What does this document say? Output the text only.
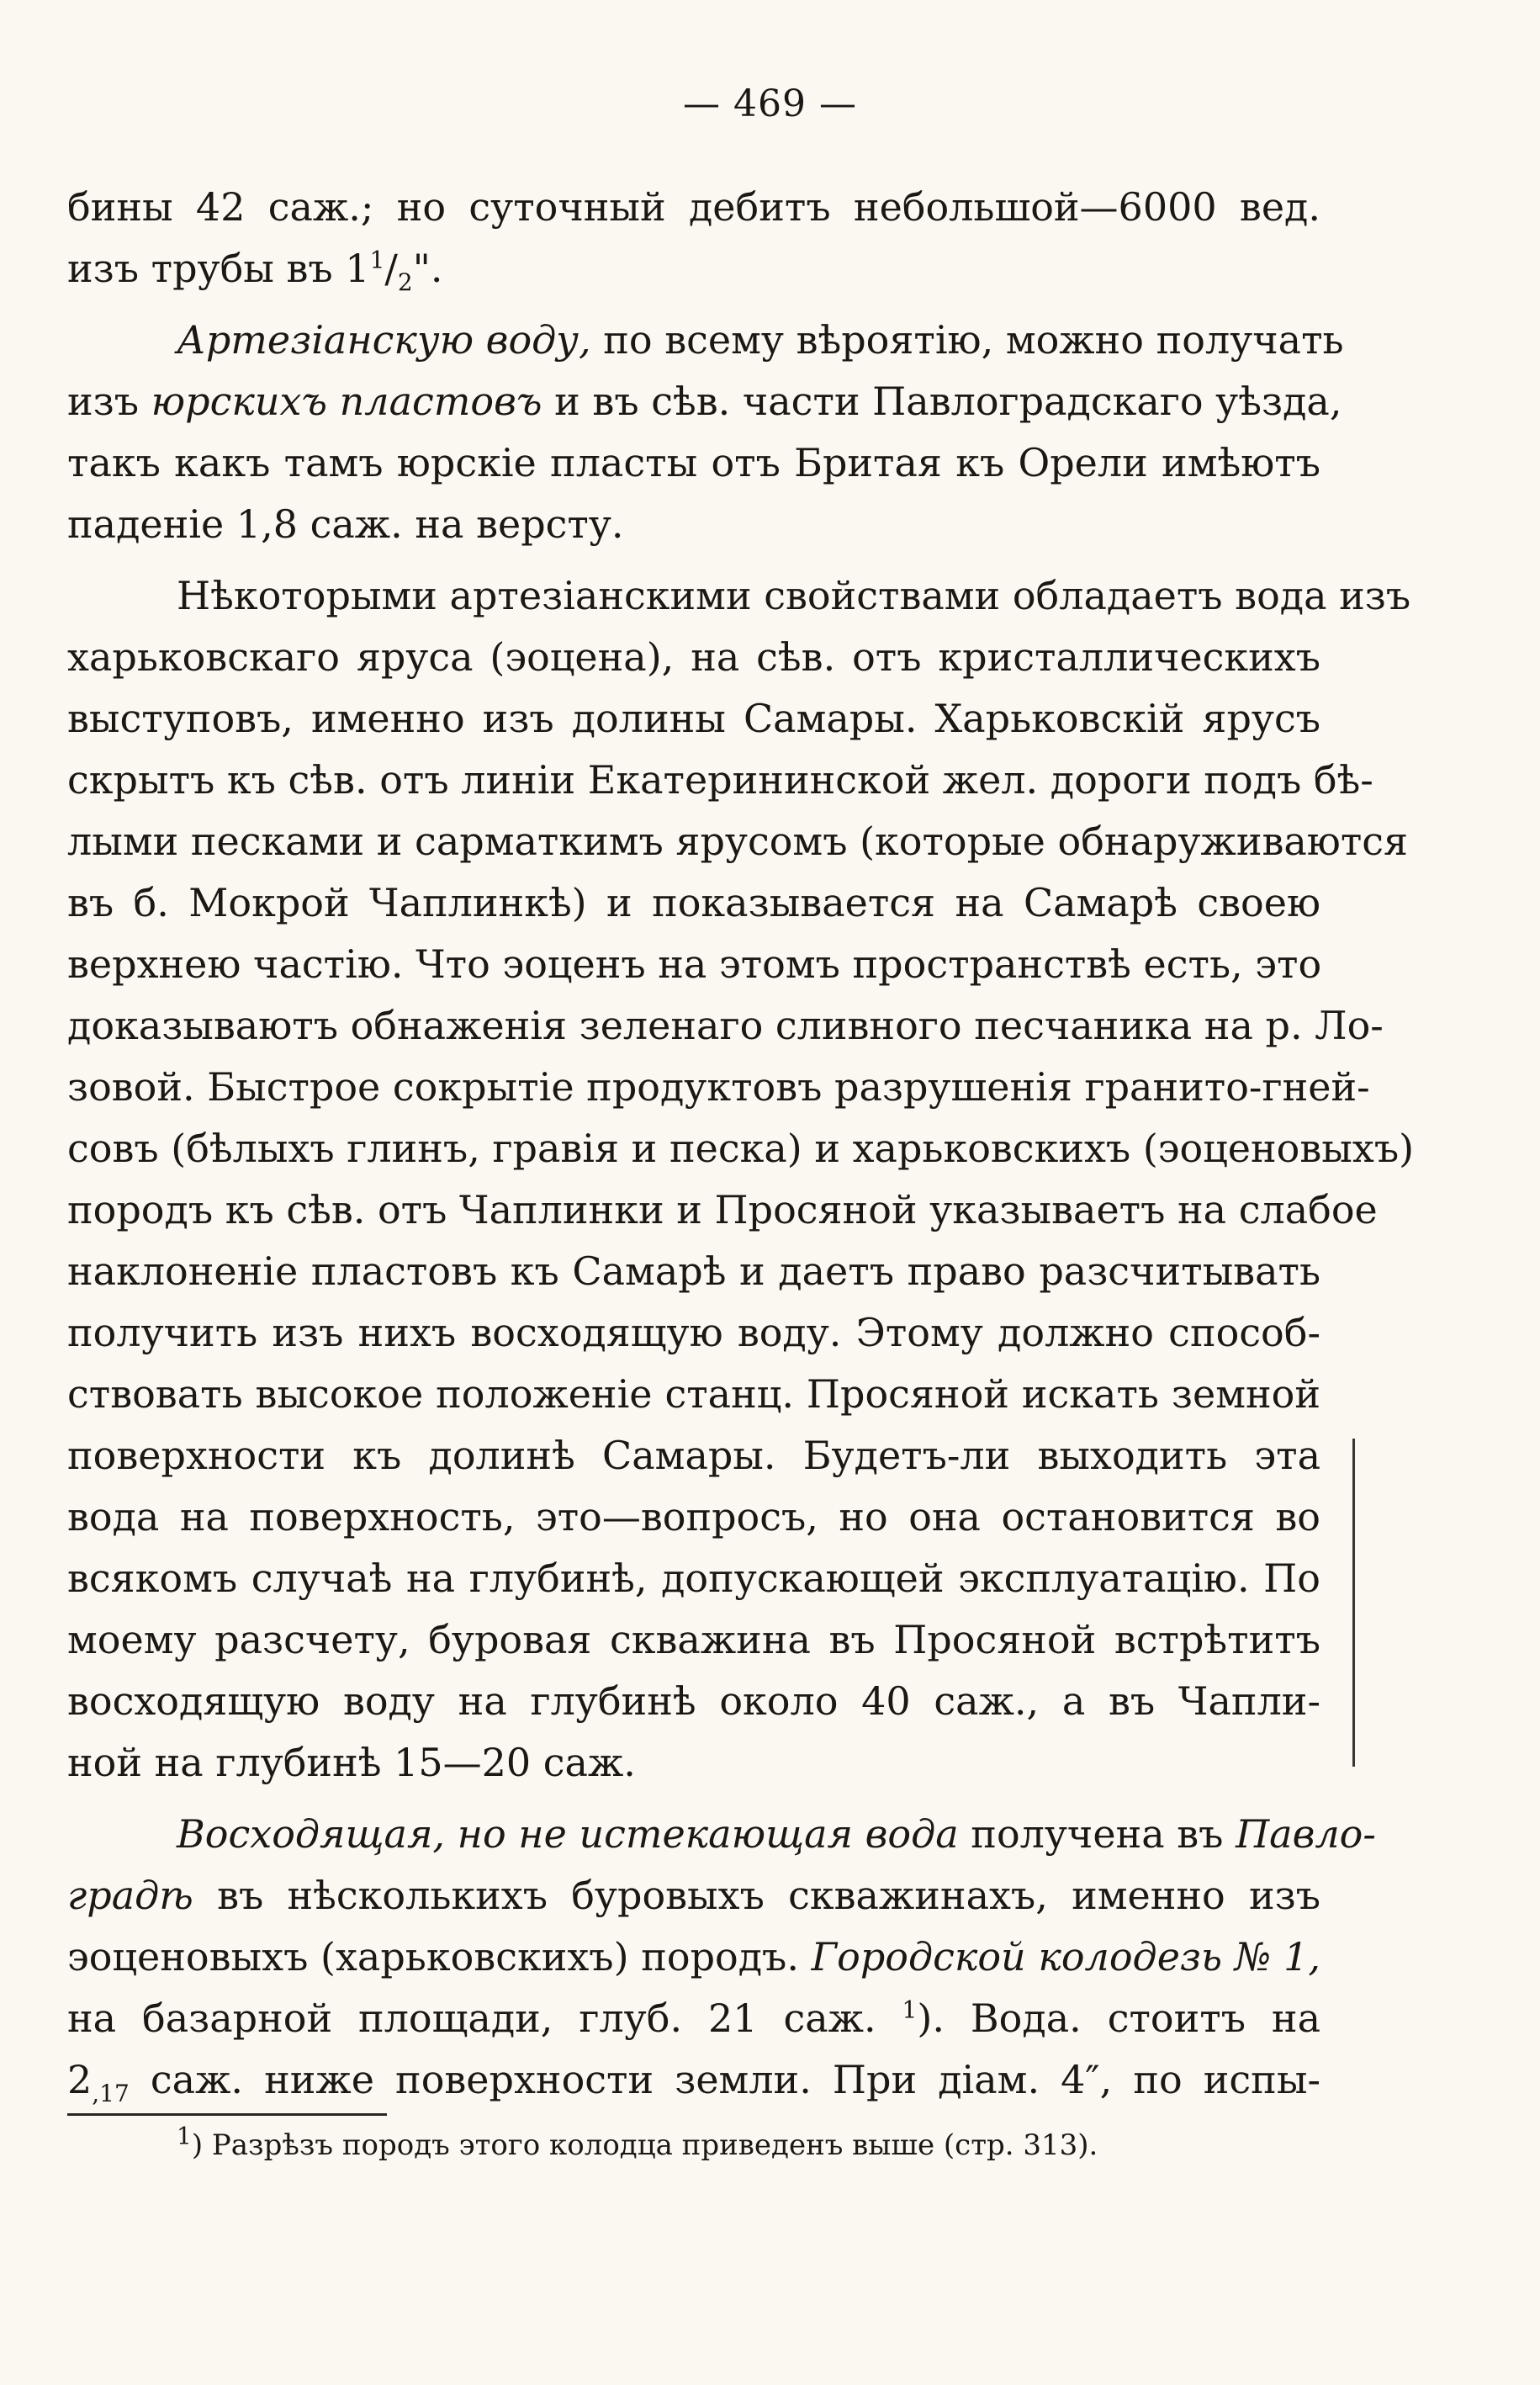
— 469 —
бины 42 саж.; но суточный дебитъ небольшой—6000 вед.
изъ трубы въ $1^1/_2$".
Артезiанскую воду, по всему вѣроятiю, можно получать
изъ юрскихъ пластовъ и въ сѣв. части Павлоградскаго уѣзда,
такъ какъ тамъ юрскiе пласты отъ Бритая къ Орели имѣютъ
паденiе 1,8 саж. на версту.
Нѣкоторыми артезiанскими свойствами обладаетъ вода изъ
харьковскаго яруса (эоцена), на сѣв. отъ кристаллическихъ
выступовъ, именно изъ долины Самары. Харьковскiй ярусъ
скрытъ къ сѣв. отъ линiи Екатерининской жел. дороги подъ бѣ-
лыми песками и сарматкимъ ярусомъ (которые обнаруживаются
въ б. Мокрой Чаплинкѣ) и показывается на Самарѣ своею
верхнею частiю. Что эоценъ на этомъ пространствѣ есть, это
доказываютъ обнаженiя зеленаго сливного песчаника на р. Ло-
зовой. Быстрое сокрытiе продуктовъ разрушенiя гранито-гней-
совъ (бѣлыхъ глинъ, гравiя и песка) и харьковскихъ (эоценовыхъ)
породъ къ сѣв. отъ Чаплинки и Просяной указываетъ на слабое
наклоненiе пластовъ къ Самарѣ и даетъ право разсчитывать
получить изъ нихъ восходящую воду. Этому должно способ-
ствовать высокое положенiе станц. Просяной искать земной
поверхности къ долинѣ Самары. Будетъ-ли выходить эта
вода на поверхность, это—вопросъ, но она остановится во
всякомъ случаѣ на глубинѣ, допускающей эксплуатацiю. По
моему разсчету, буровая скважина въ Просяной встрѣтитъ
восходящую воду на глубинѣ около 40 саж., а въ Чапли-
ной на глубинѣ 15—20 саж.
Восходящая, но не истекающая вода получена въ Павло-
градѣ въ нѣсколькихъ буровыхъ скважинахъ, именно изъ
эоценовыхъ (харьковскихъ) породъ. Городской колодезь № 1,
на базарной площади, глуб. 21 саж. $^1$). Вода. стоитъ на
$2_{,17}$ саж. ниже поверхности земли. При дiам. 4″, по испы-
$^1$) Разрѣзъ породъ этого колодца приведенъ выше (стр. 313).
